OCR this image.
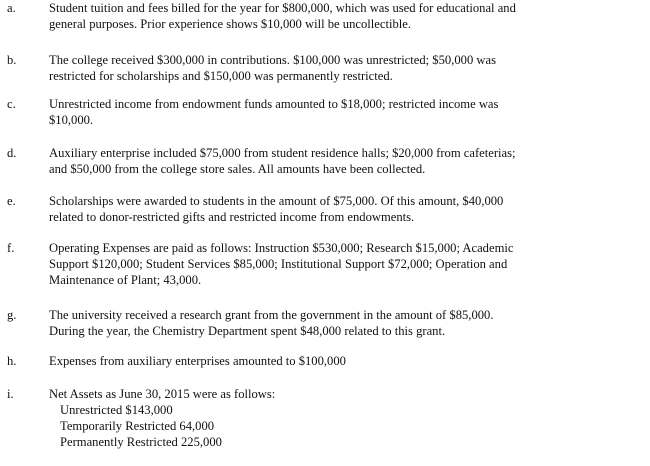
a.	Student tuition and fees billed for the year for $800,000, which was used for educational and
general purposes. Prior experience shows $10,000 will be uncollectible.
b.	The college received $300,000 in contributions. $100,000 was unrestricted; $50,000 was
restricted for scholarships and $150,000 was permanently restricted.
c.	Unrestricted income from endowment funds amounted to $18,000; restricted income was
$10,000.
d.	Auxiliary enterprise included $75,000 from student residence halls; $20,000 from cafeterias;
and $50,000 from the college store sales. All amounts have been collected.
e.	Scholarships were awarded to students in the amount of $75,000. Of this amount, $40,000
related to donor-restricted gifts and restricted income from endowments.
f.	Operating Expenses are paid as follows: Instruction $530,000; Research $15,000; Academic
Support $120,000; Student Services $85,000; Institutional Support $72,000; Operation and
Maintenance of Plant; 43,000.
g.	The university received a research grant from the government in the amount of $85,000.
During the year, the Chemistry Department spent $48,000 related to this grant.
h.	Expenses from auxiliary enterprises amounted to $100,000
i.	Net Assets as June 30, 2015 were as follows:
Unrestricted $143,000
Temporarily Restricted 64,000
Permanently Restricted 225,000
